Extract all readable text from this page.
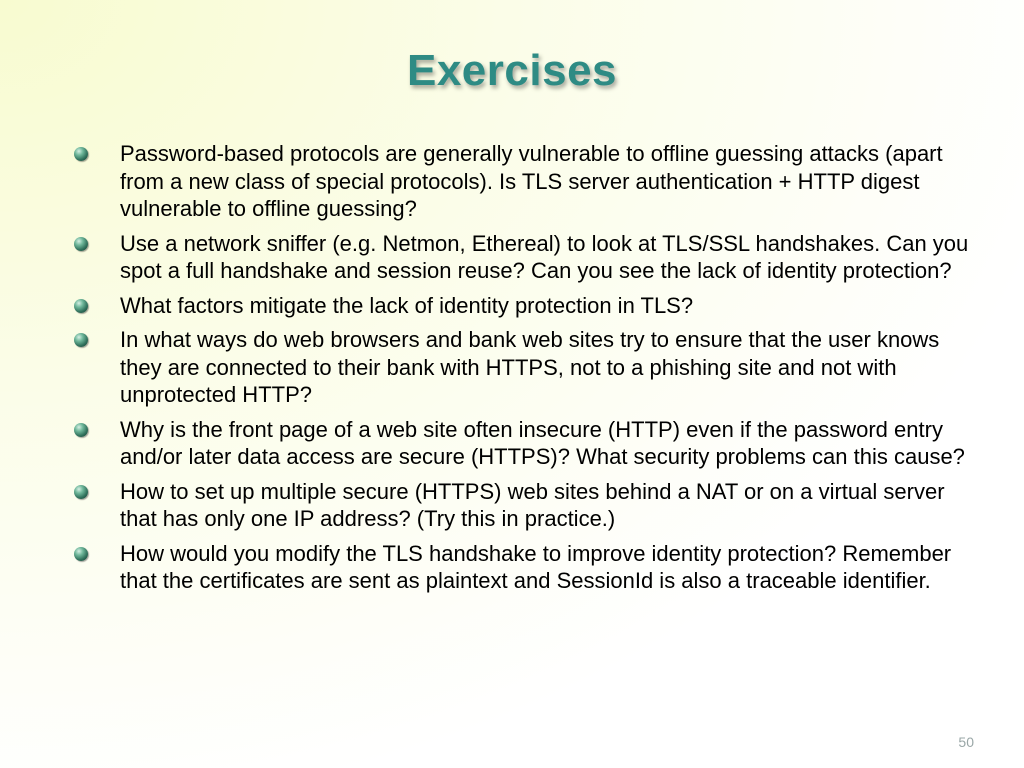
Exercises
Password-based protocols are generally vulnerable to offline guessing attacks (apart from a new class of special protocols). Is TLS server authentication + HTTP digest vulnerable to offline guessing?
Use a network sniffer (e.g. Netmon, Ethereal) to look at TLS/SSL handshakes. Can you spot a full handshake and session reuse? Can you see the lack of identity protection?
What factors mitigate the lack of identity protection in TLS?
In what ways do web browsers and bank web sites try to ensure that the user knows they are connected to their bank with HTTPS, not to a phishing site and not with unprotected HTTP?
Why is the front page of a web site often insecure (HTTP) even if the password entry and/or later data access are secure (HTTPS)? What security problems can this cause?
How to set up multiple secure (HTTPS) web sites behind a NAT or on a virtual server that has only one IP address? (Try this in practice.)
How would you modify the TLS handshake to improve identity protection? Remember that the certificates are sent as plaintext and SessionId is also a traceable identifier.
50
